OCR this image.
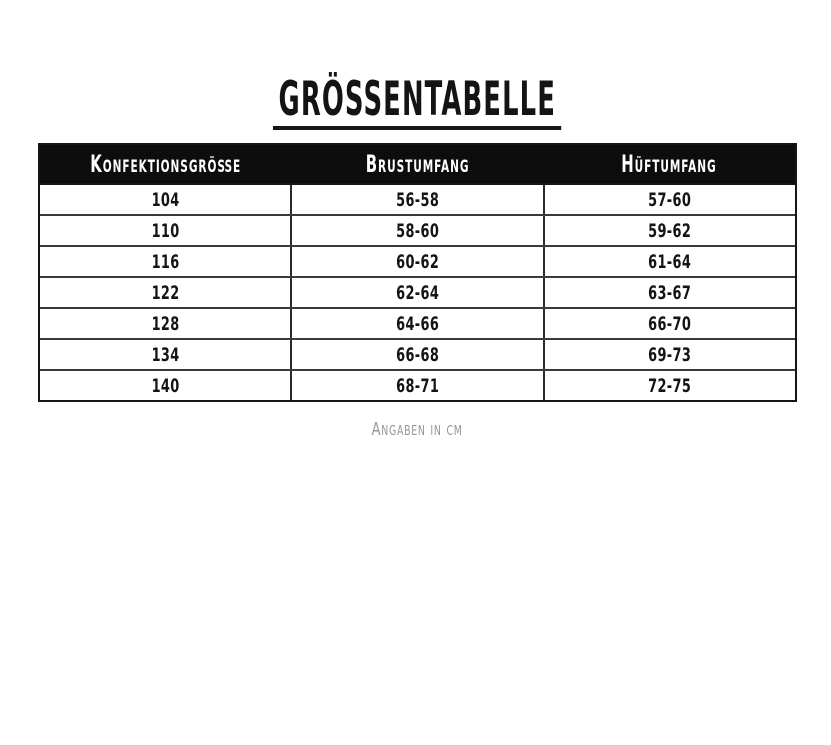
GRÖSSENTABELLE
Konfektionsgröße	Brustumfang	Hüftumfang
104	56-58	57-60
110	58-60	59-62
116	60-62	61-64
122	62-64	63-67
128	64-66	66-70
134	66-68	69-73
140	68-71	72-75
Angaben in cm
